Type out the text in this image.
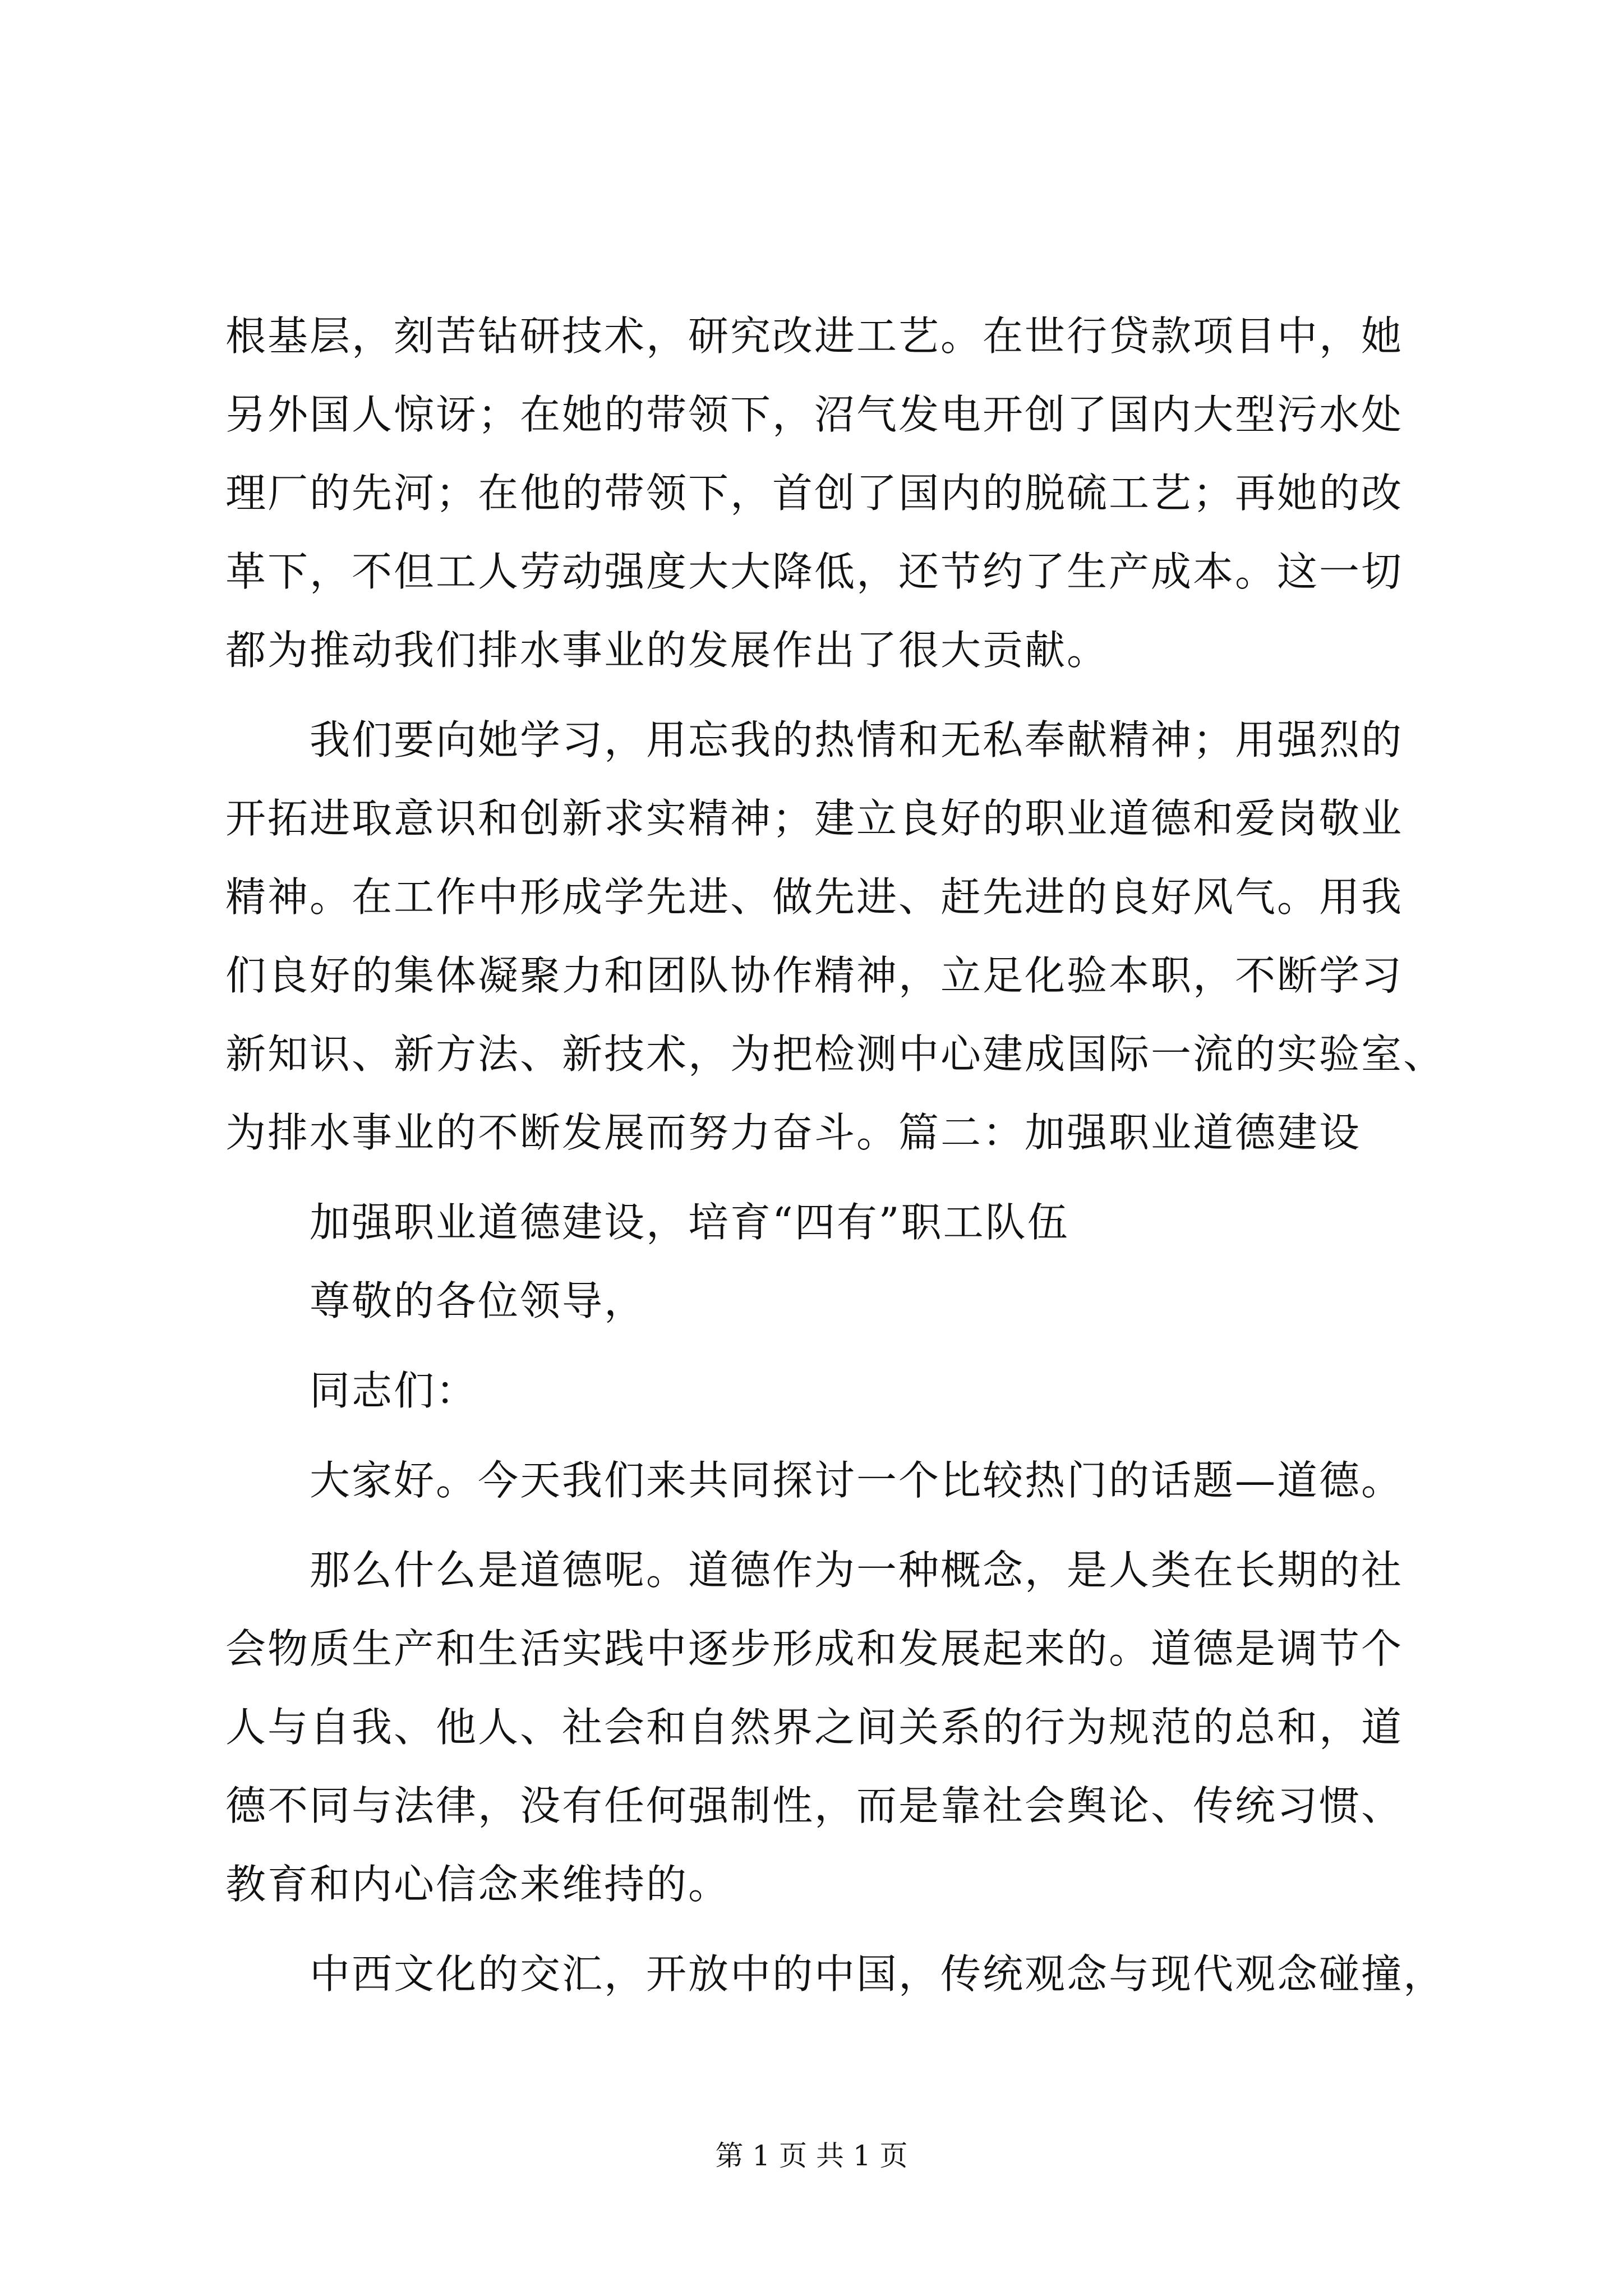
根基层，刻苦钻研技术，研究改进工艺。在世行贷款项目中，她
另外国人惊讶；在她的带领下，沼气发电开创了国内大型污水处
理厂的先河；在他的带领下，首创了国内的脱硫工艺；再她的改
革下，不但工人劳动强度大大降低，还节约了生产成本。这一切
都为推动我们排水事业的发展作出了很大贡献。
　　我们要向她学习，用忘我的热情和无私奉献精神；用强烈的
开拓进取意识和创新求实精神；建立良好的职业道德和爱岗敬业
精神。在工作中形成学先进、做先进、赶先进的良好风气。用我
们良好的集体凝聚力和团队协作精神，立足化验本职，不断学习
新知识、新方法、新技术，为把检测中心建成国际一流的实验室、
为排水事业的不断发展而努力奋斗。篇二：加强职业道德建设
　　加强职业道德建设，培育“四有”职工队伍
　　尊敬的各位领导，
　　同志们：
　　大家好。今天我们来共同探讨一个比较热门的话题—道德。
　　那么什么是道德呢。道德作为一种概念，是人类在长期的社
会物质生产和生活实践中逐步形成和发展起来的。道德是调节个
人与自我、他人、社会和自然界之间关系的行为规范的总和，道
德不同与法律，没有任何强制性，而是靠社会舆论、传统习惯、
教育和内心信念来维持的。
　　中西文化的交汇，开放中的中国，传统观念与现代观念碰撞，
第 1 页 共 1 页
